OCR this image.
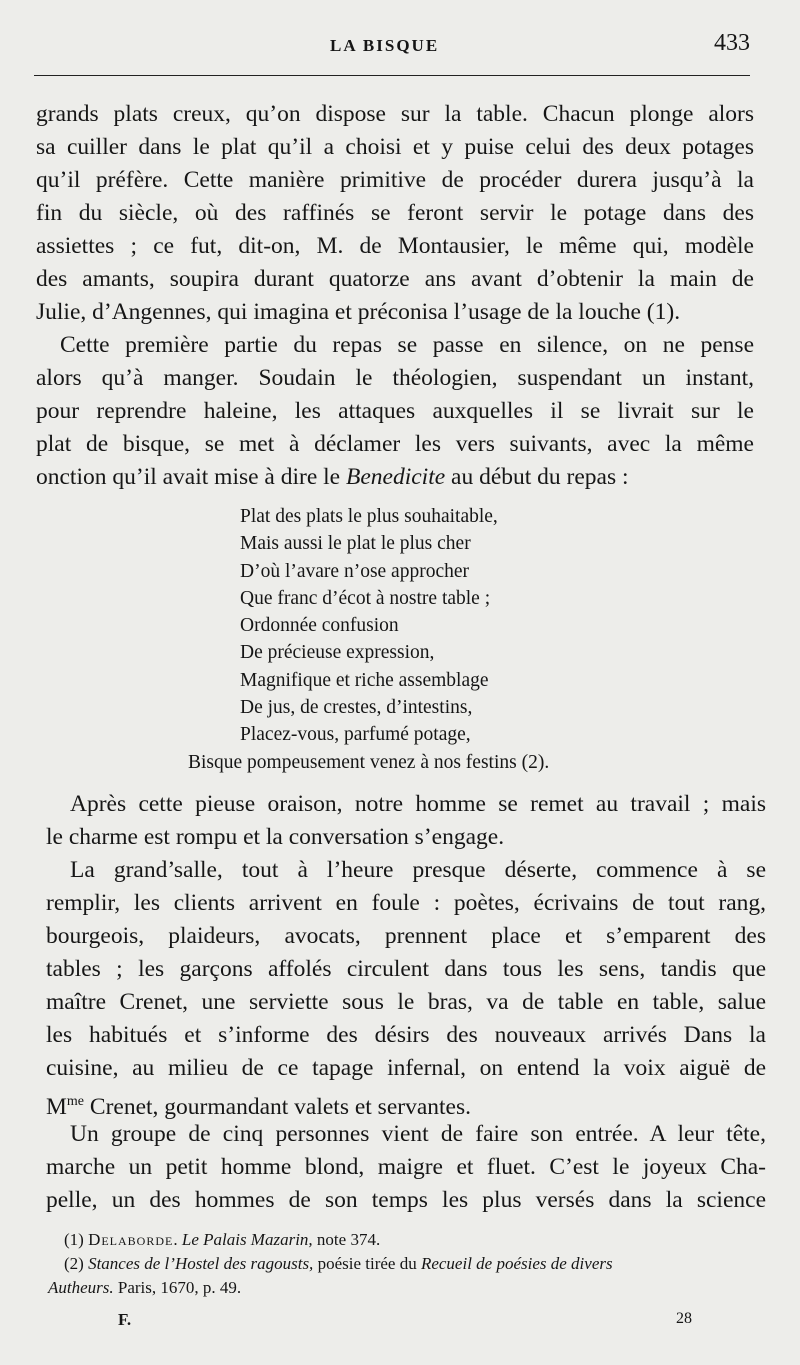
LA BISQUE	433
grands plats creux, qu’on dispose sur la table. Chacun plonge alors
sa cuiller dans le plat qu’il a choisi et y puise celui des deux potages
qu’il préfère. Cette manière primitive de procéder durera jusqu’à la
fin du siècle, où des raffinés se feront servir le potage dans des
assiettes ; ce fut, dit-on, M. de Montausier, le même qui, modèle
des amants, soupira durant quatorze ans avant d’obtenir la main de
Julie, d’Angennes, qui imagina et préconisa l’usage de la louche (1).
Cette première partie du repas se passe en silence, on ne pense
alors qu’à manger. Soudain le théologien, suspendant un instant,
pour reprendre haleine, les attaques auxquelles il se livrait sur le
plat de bisque, se met à déclamer les vers suivants, avec la même
onction qu’il avait mise à dire le Benedicite au début du repas :
Plat des plats le plus souhaitable,
Mais aussi le plat le plus cher
D’où l’avare n’ose approcher
Que franc d’écot à nostre table ;
Ordonnée confusion
De précieuse expression,
Magnifique et riche assemblage
De jus, de crestes, d’intestins,
Placez-vous, parfumé potage,
Bisque pompeusement venez à nos festins (2).
Après cette pieuse oraison, notre homme se remet au travail ; mais
le charme est rompu et la conversation s’engage.
La grand’salle, tout à l’heure presque déserte, commence à se
remplir, les clients arrivent en foule : poètes, écrivains de tout rang,
bourgeois, plaideurs, avocats, prennent place et s’emparent des
tables ; les garçons affolés circulent dans tous les sens, tandis que
maître Crenet, une serviette sous le bras, va de table en table, salue
les habitués et s’informe des désirs des nouveaux arrivés Dans la
cuisine, au milieu de ce tapage infernal, on entend la voix aiguë de
$M^{me}$ Crenet, gourmandant valets et servantes.
Un groupe de cinq personnes vient de faire son entrée. A leur tête,
marche un petit homme blond, maigre et fluet. C’est le joyeux Cha-
pelle, un des hommes de son temps les plus versés dans la science
(1) Delaborde. Le Palais Mazarin, note 374.
(2) Stances de l’Hostel des ragousts, poésie tirée du Recueil de poésies de divers
Autheurs. Paris, 1670, p. 49.
F.	28
